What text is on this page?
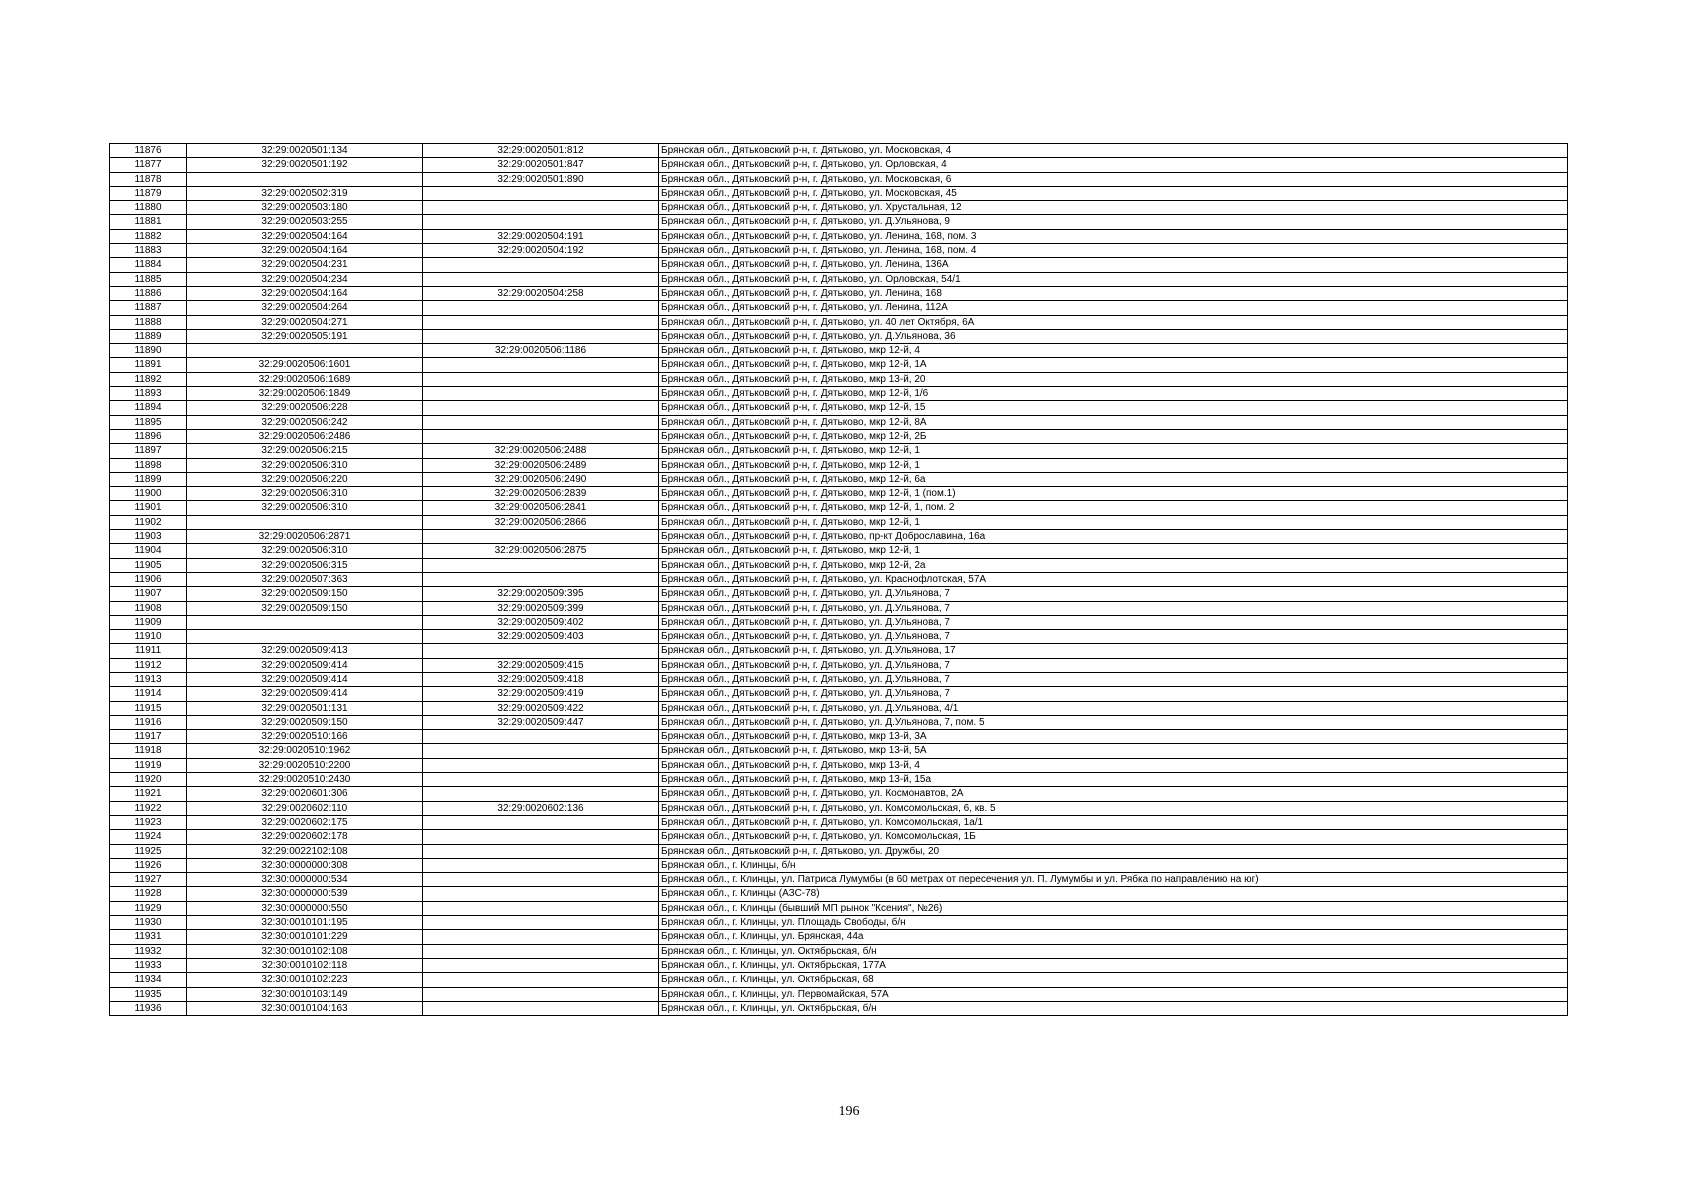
11876	32:29:0020501:134	32:29:0020501:812	Брянская обл., Дятьковский р-н, г. Дятьково, ул. Московская, 4
11877	32:29:0020501:192	32:29:0020501:847	Брянская обл., Дятьковский р-н, г. Дятьково, ул. Орловская, 4
11878		32:29:0020501:890	Брянская обл., Дятьковский р-н, г. Дятьково, ул. Московская, 6
11879	32:29:0020502:319		Брянская обл., Дятьковский р-н, г. Дятьково, ул. Московская, 45
11880	32:29:0020503:180		Брянская обл., Дятьковский р-н, г. Дятьково, ул. Хрустальная, 12
11881	32:29:0020503:255		Брянская обл., Дятьковский р-н, г. Дятьково, ул. Д.Ульянова, 9
11882	32:29:0020504:164	32:29:0020504:191	Брянская обл., Дятьковский р-н, г. Дятьково, ул. Ленина, 168, пом. 3
11883	32:29:0020504:164	32:29:0020504:192	Брянская обл., Дятьковский р-н, г. Дятьково, ул. Ленина, 168, пом. 4
11884	32:29:0020504:231		Брянская обл., Дятьковский р-н, г. Дятьково, ул. Ленина, 136А
11885	32:29:0020504:234		Брянская обл., Дятьковский р-н, г. Дятьково, ул. Орловская, 54/1
11886	32:29:0020504:164	32:29:0020504:258	Брянская обл., Дятьковский р-н, г. Дятьково, ул. Ленина, 168
11887	32:29:0020504:264		Брянская обл., Дятьковский р-н, г. Дятьково, ул. Ленина, 112А
11888	32:29:0020504:271		Брянская обл., Дятьковский р-н, г. Дятьково, ул. 40 лет Октября, 6А
11889	32:29:0020505:191		Брянская обл., Дятьковский р-н, г. Дятьково, ул. Д.Ульянова, 36
11890		32:29:0020506:1186	Брянская обл., Дятьковский р-н, г. Дятьково, мкр 12-й, 4
11891	32:29:0020506:1601		Брянская обл., Дятьковский р-н, г. Дятьково, мкр 12-й, 1А
11892	32:29:0020506:1689		Брянская обл., Дятьковский р-н, г. Дятьково, мкр 13-й, 20
11893	32:29:0020506:1849		Брянская обл., Дятьковский р-н, г. Дятьково, мкр 12-й, 1/6
11894	32:29:0020506:228		Брянская обл., Дятьковский р-н, г. Дятьково, мкр 12-й, 15
11895	32:29:0020506:242		Брянская обл., Дятьковский р-н, г. Дятьково, мкр 12-й, 8А
11896	32:29:0020506:2486		Брянская обл., Дятьковский р-н, г. Дятьково, мкр 12-й, 2Б
11897	32:29:0020506:215	32:29:0020506:2488	Брянская обл., Дятьковский р-н, г. Дятьково, мкр 12-й, 1
11898	32:29:0020506:310	32:29:0020506:2489	Брянская обл., Дятьковский р-н, г. Дятьково, мкр 12-й, 1
11899	32:29:0020506:220	32:29:0020506:2490	Брянская обл., Дятьковский р-н, г. Дятьково, мкр 12-й, 6а
11900	32:29:0020506:310	32:29:0020506:2839	Брянская обл., Дятьковский р-н, г. Дятьково, мкр 12-й, 1 (пом.1)
11901	32:29:0020506:310	32:29:0020506:2841	Брянская обл., Дятьковский р-н, г. Дятьково, мкр 12-й, 1, пом. 2
11902		32:29:0020506:2866	Брянская обл., Дятьковский р-н, г. Дятьково, мкр 12-й, 1
11903	32:29:0020506:2871		Брянская обл., Дятьковский р-н, г. Дятьково, пр-кт Доброславина, 16а
11904	32:29:0020506:310	32:29:0020506:2875	Брянская обл., Дятьковский р-н, г. Дятьково, мкр 12-й, 1
11905	32:29:0020506:315		Брянская обл., Дятьковский р-н, г. Дятьково, мкр 12-й, 2а
11906	32:29:0020507:363		Брянская обл., Дятьковский р-н, г. Дятьково, ул. Краснофлотская, 57А
11907	32:29:0020509:150	32:29:0020509:395	Брянская обл., Дятьковский р-н, г. Дятьково, ул. Д.Ульянова, 7
11908	32:29:0020509:150	32:29:0020509:399	Брянская обл., Дятьковский р-н, г. Дятьково, ул. Д.Ульянова, 7
11909		32:29:0020509:402	Брянская обл., Дятьковский р-н, г. Дятьково, ул. Д.Ульянова, 7
11910		32:29:0020509:403	Брянская обл., Дятьковский р-н, г. Дятьково, ул. Д.Ульянова, 7
11911	32:29:0020509:413		Брянская обл., Дятьковский р-н, г. Дятьково, ул. Д.Ульянова, 17
11912	32:29:0020509:414	32:29:0020509:415	Брянская обл., Дятьковский р-н, г. Дятьково, ул. Д.Ульянова, 7
11913	32:29:0020509:414	32:29:0020509:418	Брянская обл., Дятьковский р-н, г. Дятьково, ул. Д.Ульянова, 7
11914	32:29:0020509:414	32:29:0020509:419	Брянская обл., Дятьковский р-н, г. Дятьково, ул. Д.Ульянова, 7
11915	32:29:0020501:131	32:29:0020509:422	Брянская обл., Дятьковский р-н, г. Дятьково, ул. Д.Ульянова, 4/1
11916	32:29:0020509:150	32:29:0020509:447	Брянская обл., Дятьковский р-н, г. Дятьково, ул. Д.Ульянова, 7, пом. 5
11917	32:29:0020510:166		Брянская обл., Дятьковский р-н, г. Дятьково, мкр 13-й, 3А
11918	32:29:0020510:1962		Брянская обл., Дятьковский р-н, г. Дятьково, мкр 13-й, 5А
11919	32:29:0020510:2200		Брянская обл., Дятьковский р-н, г. Дятьково, мкр 13-й, 4
11920	32:29:0020510:2430		Брянская обл., Дятьковский р-н, г. Дятьково, мкр 13-й, 15а
11921	32:29:0020601:306		Брянская обл., Дятьковский р-н, г. Дятьково, ул. Космонавтов, 2А
11922	32:29:0020602:110	32:29:0020602:136	Брянская обл., Дятьковский р-н, г. Дятьково, ул. Комсомольская, 6, кв. 5
11923	32:29:0020602:175		Брянская обл., Дятьковский р-н, г. Дятьково, ул. Комсомольская, 1а/1
11924	32:29:0020602:178		Брянская обл., Дятьковский р-н, г. Дятьково, ул. Комсомольская, 1Б
11925	32:29:0022102:108		Брянская обл., Дятьковский р-н, г. Дятьково, ул. Дружбы, 20
11926	32:30:0000000:308		Брянская обл., г. Клинцы, б/н
11927	32:30:0000000:534		Брянская обл., г. Клинцы, ул. Патриса Лумумбы (в 60 метрах от пересечения ул. П. Лумумбы и ул. Рябка по направлению на юг)
11928	32:30:0000000:539		Брянская обл., г. Клинцы (АЗС-78)
11929	32:30:0000000:550		Брянская обл., г. Клинцы (бывший МП рынок "Ксения", №26)
11930	32:30:0010101:195		Брянская обл., г. Клинцы, ул. Площадь Свободы, б/н
11931	32:30:0010101:229		Брянская обл., г. Клинцы, ул. Брянская, 44а
11932	32:30:0010102:108		Брянская обл., г. Клинцы, ул. Октябрьская, б/н
11933	32:30:0010102:118		Брянская обл., г. Клинцы, ул. Октябрьская, 177А
11934	32:30:0010102:223		Брянская обл., г. Клинцы, ул. Октябрьская, 68
11935	32:30:0010103:149		Брянская обл., г. Клинцы, ул. Первомайская, 57А
11936	32:30:0010104:163		Брянская обл., г. Клинцы, ул. Октябрьская, б/н
196
